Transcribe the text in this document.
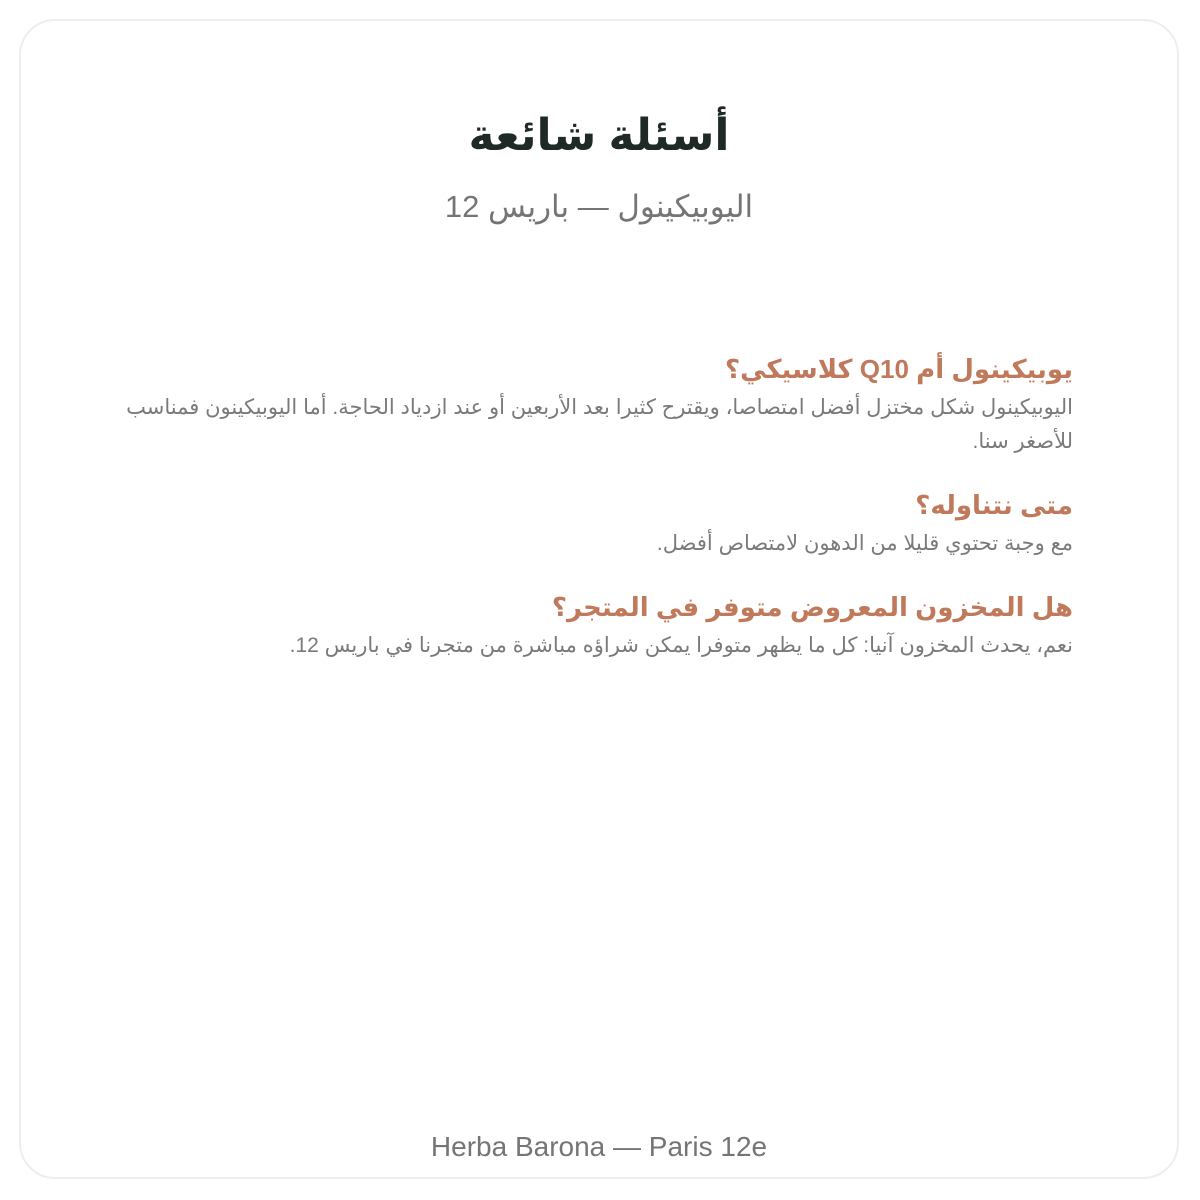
أسئلة شائعة

اليوبيكينول — باريس 12

يوبيكينول أم Q10 كلاسيكي؟

اليوبيكينول شكل مختزل أفضل امتصاصا، ويقترح كثيرا بعد الأربعين أو عند ازدياد الحاجة. أما اليوبيكينون فمناسب للأصغر سنا.

متى نتناوله؟

مع وجبة تحتوي قليلا من الدهون لامتصاص أفضل.

هل المخزون المعروض متوفر في المتجر؟

نعم، يحدث المخزون آنيا: كل ما يظهر متوفرا يمكن شراؤه مباشرة من متجرنا في باريس 12.

Herba Barona — Paris 12e
